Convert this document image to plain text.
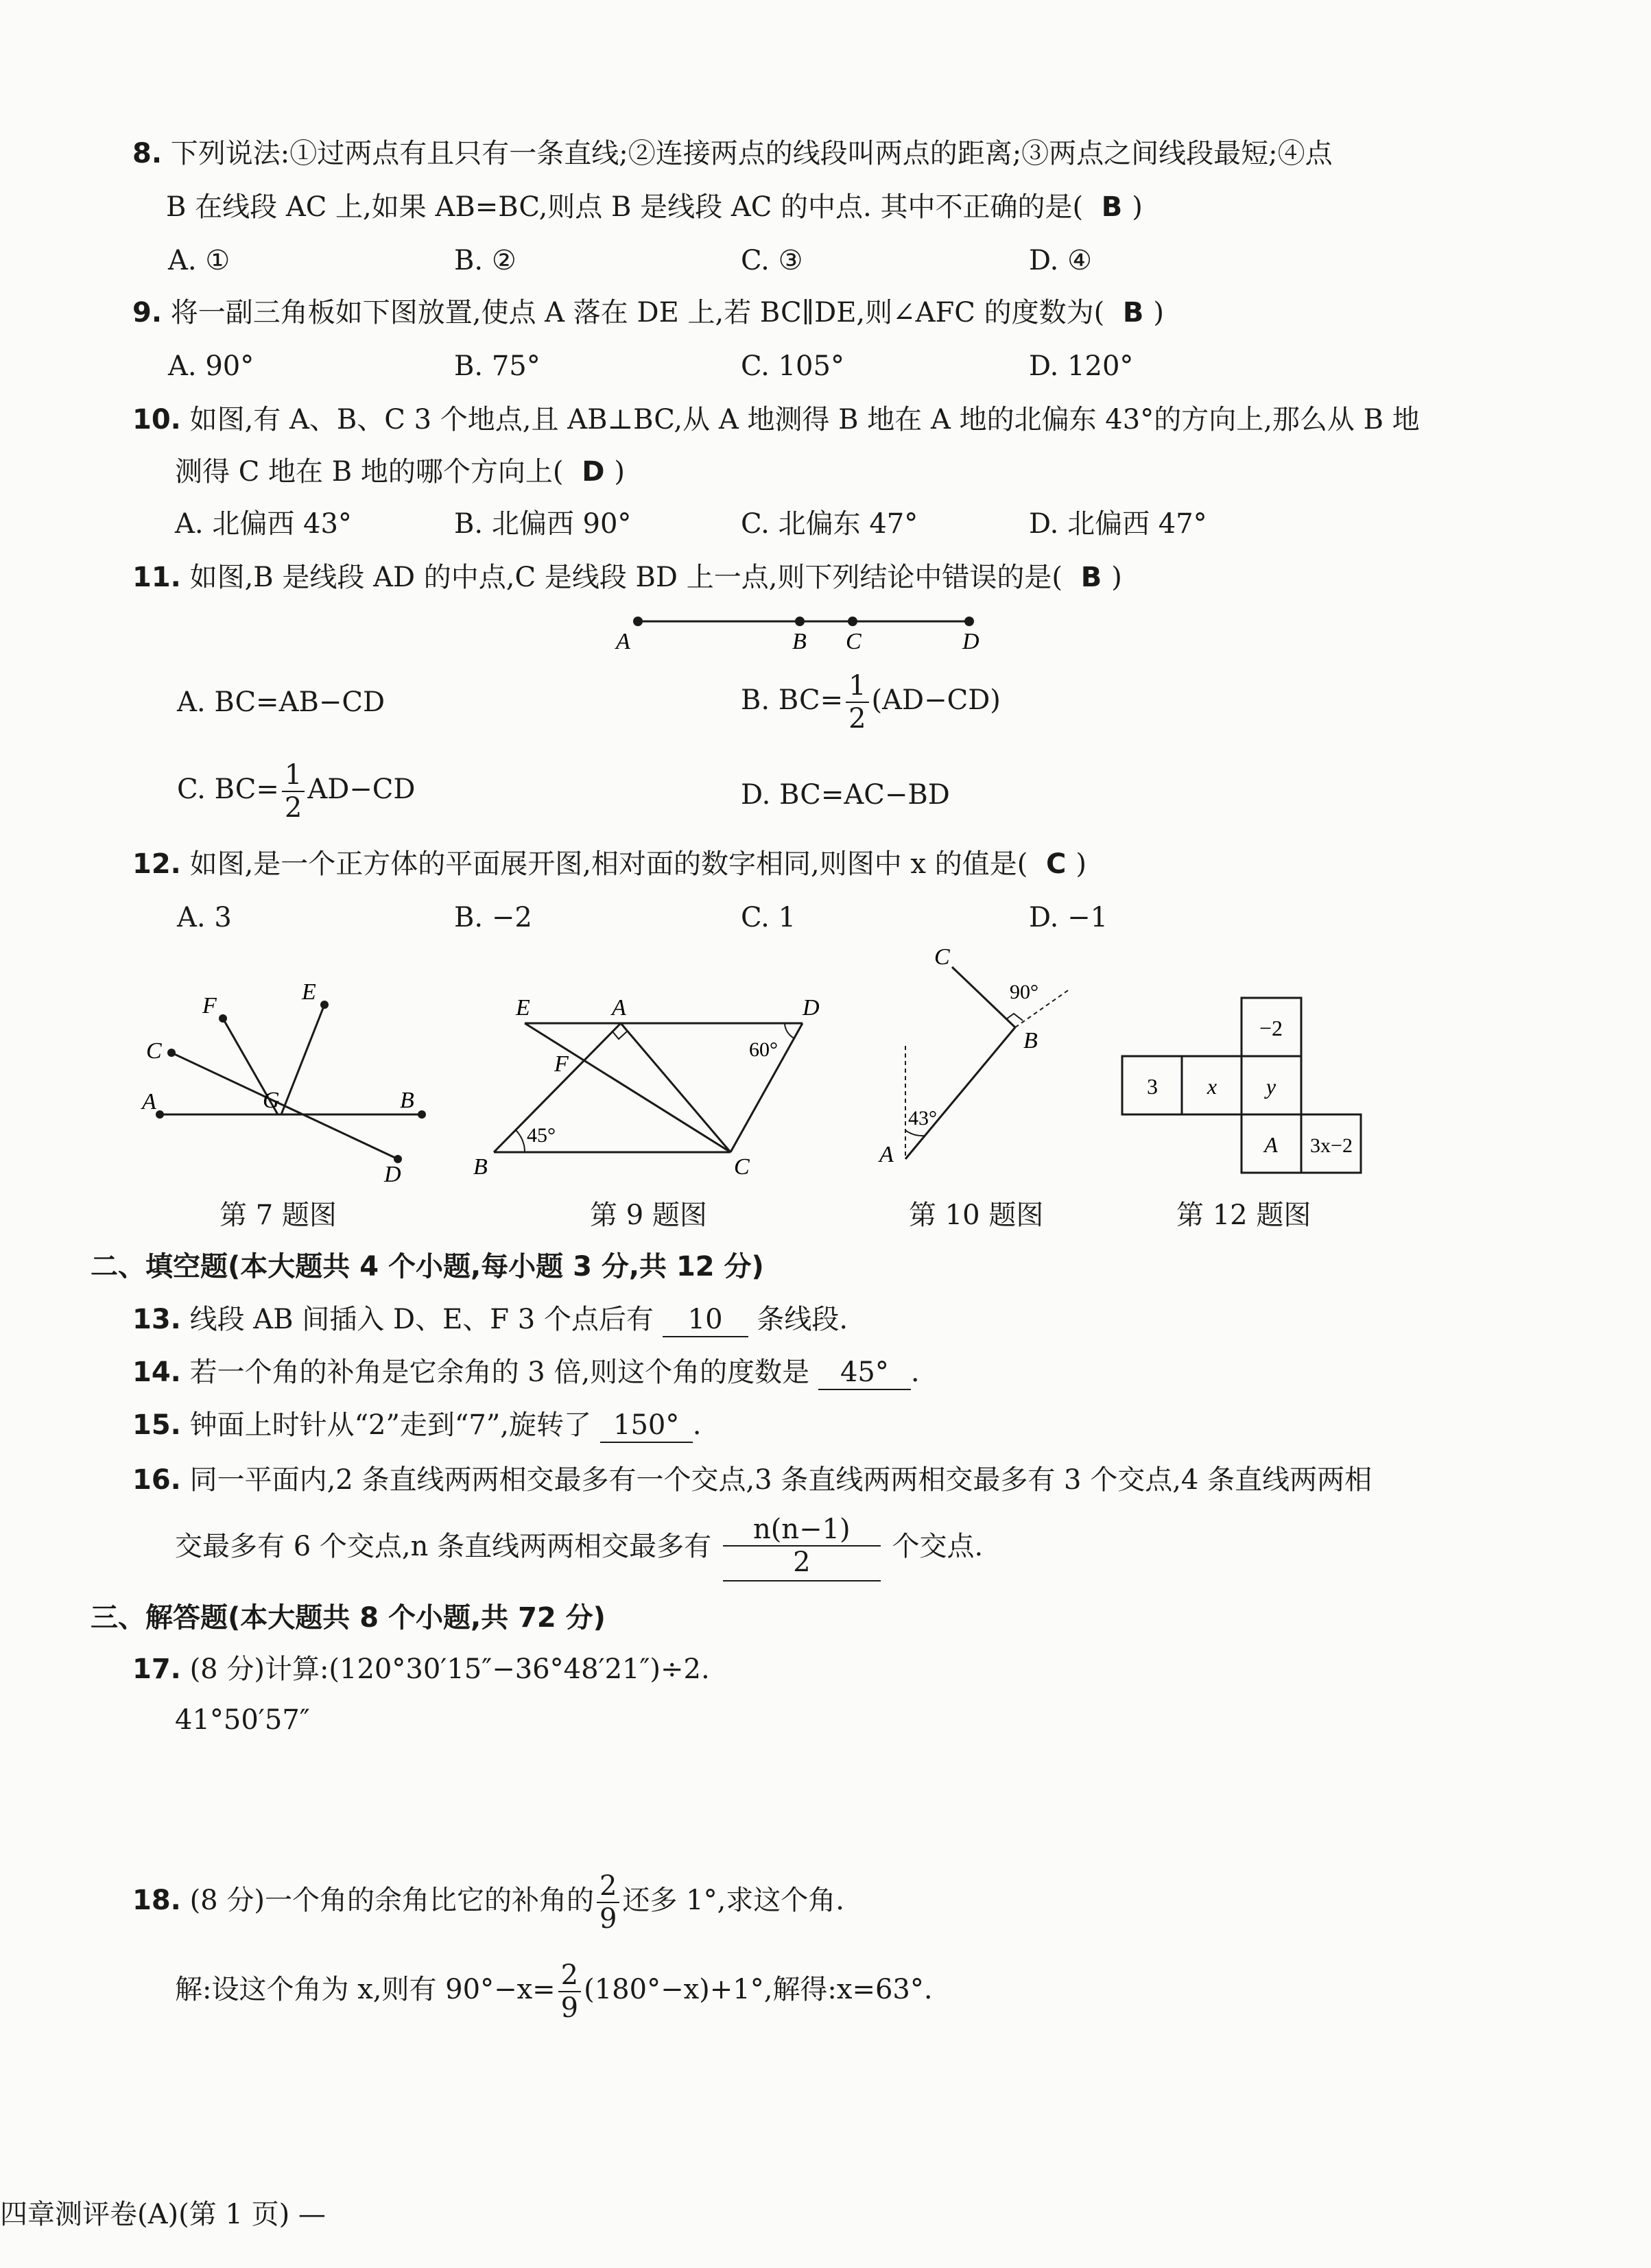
8. 下列说法:①过两点有且只有一条直线;②连接两点的线段叫两点的距离;③两点之间线段最短;④点
B 在线段 AC 上,如果 AB=BC,则点 B 是线段 AC 的中点. 其中不正确的是( B )
A. ①	B. ②	C. ③	D. ④
9. 将一副三角板如下图放置,使点 A 落在 DE 上,若 BC∥DE,则∠AFC 的度数为( B )
A. 90°	B. 75°	C. 105°	D. 120°
10. 如图,有 A、B、C 3 个地点,且 AB⊥BC,从 A 地测得 B 地在 A 地的北偏东 43°的方向上,那么从 B 地
测得 C 地在 B 地的哪个方向上( D )
A. 北偏西 43°	B. 北偏西 90°	C. 北偏东 47°	D. 北偏西 47°
11. 如图,B 是线段 AD 的中点,C 是线段 BD 上一点,则下列结论中错误的是( B )
A	B C	D
A. BC=AB−CD	B. $BC= \frac{1}{2} (AD-CD)$
C. $BC= \frac{1}{2} AD-CD$	D. BC=AC−BD
12. 如图,是一个正方体的平面展开图,相对面的数字相同,则图中 x 的值是( C )
A. 3	B. −2	C. 1	D. −1
F
E
C
G
A	B
D
第 7 题图
E	A	D
F
60°
45°
B	C
第 9 题图
C
90°
B
43°
A
第 10 题图
−2
3 x y
A 3x−2
第 12 题图
二、填空题(本大题共 4 个小题,每小题 3 分,共 12 分)
13. 线段 AB 间插入 D、E、F 3 个点后有 10 条线段.
14. 若一个角的补角是它余角的 3 倍,则这个角的度数是 45° .
15. 钟面上时针从“2”走到“7”,旋转了 150° .
16. 同一平面内,2 条直线两两相交最多有一个交点,3 条直线两两相交最多有 3 个交点,4 条直线两两相
交最多有 6 个交点,n 条直线两两相交最多有 $\frac{n(n-1)}{2}$ 个交点.
三、解答题(本大题共 8 个小题,共 72 分)
17. (8 分)计算:(120°30′15″−36°48′21″)÷2.
41°50′57″
18. (8 分)一个角的余角比它的补角的 $\frac{2}{9}$ 还多 1°,求这个角.
解:设这个角为 x,则有 $90^\circ-x= \frac{2}{9} (180^\circ-x)+1^\circ$,解得:x=63°.
四章测评卷(A)(第 1 页) —
